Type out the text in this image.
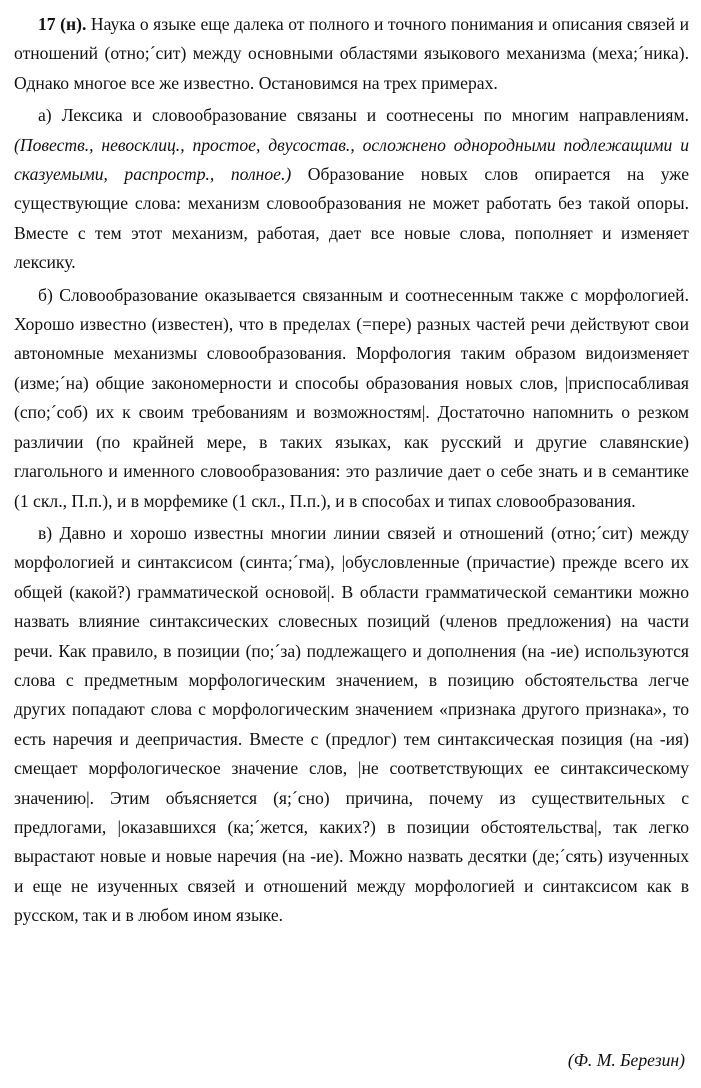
17 (н). Наука о языке еще далека от полного и точного понимания и описания связей и отношений (отно;´сит) между основными областями языкового механизма (меха;´ника). Однако многое все же известно. Остановимся на трех примерах.

а) Лексика и словообразование связаны и соотнесены по многим направлениям. (Повеств., невосклиц., простое, двусостав., осложнено однородными подлежащими и сказуемыми, распростр., полное.) Образование новых слов опирается на уже существующие слова: механизм словообразования не может работать без такой опоры. Вместе с тем этот механизм, работая, дает все новые слова, пополняет и изменяет лексику.

б) Словообразование оказывается связанным и соотнесенным также с морфологией. Хорошо известно (известен), что в пределах (=пере) разных частей речи действуют свои автономные механизмы словообразования. Морфология таким образом видоизменяет (изме;´на) общие закономерности и способы образования новых слов, |приспосабливая (спо;´соб) их к своим требованиям и возможностям|. Достаточно напомнить о резком различии (по крайней мере, в таких языках, как русский и другие славянские) глагольного и именного словообразования: это различие дает о себе знать и в семантике (1 скл., П.п.), и в морфемике (1 скл., П.п.), и в способах и типах словообразования.

в) Давно и хорошо известны многии линии связей и отношений (отно;´сит) между морфологией и синтаксисом (синта;´гма), |обусловленные (причастие) прежде всего их общей (какой?) грамматической основой|. В области грамматической семантики можно назвать влияние синтаксических словесных позиций (членов предложения) на части речи. Как правило, в позиции (по;´за) подлежащего и дополнения (на -ие) используются слова с предметным морфологическим значением, в позицию обстоятельства легче других попадают слова с морфологическим значением «признака другого признака», то есть наречия и деепричастия. Вместе с (предлог) тем синтаксическая позиция (на -ия) смещает морфологическое значение слов, |не соответствующих ее синтаксическому значению|. Этим объясняется (я;´сно) причина, почему из существительных с предлогами, |оказавшихся (ка;´жется, каких?) в позиции обстоятельства|, так легко вырастают новые и новые наречия (на -ие). Можно назвать десятки (де;´сять) изученных и еще не изученных связей и отношений между морфологией и синтаксисом как в русском, так и в любом ином языке.

(Ф. М. Березин)
